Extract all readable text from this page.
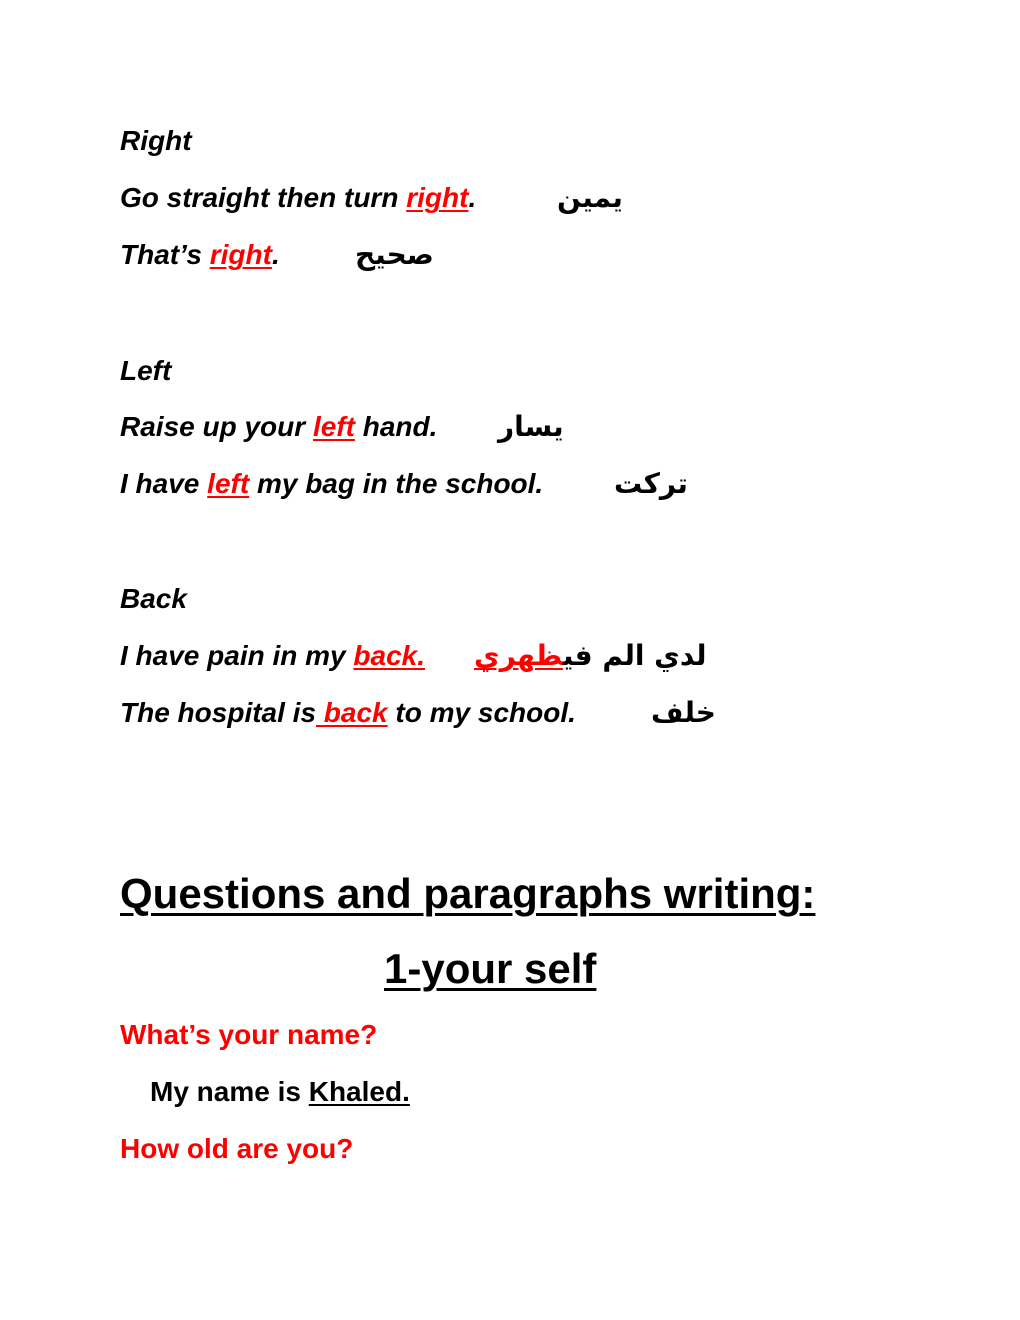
Right
Go straight then turn right.	يمين
That’s right.	صحيح
Left
Raise up your left hand. يسار
I have left my bag in the school.	تركت
Back
I have pain in my back.	لدي الم فيظهري
The hospital is back to my school.	خلف
Questions and paragraphs writing:
1-your self
What’s your name?
My name is Khaled.
How old are you?
